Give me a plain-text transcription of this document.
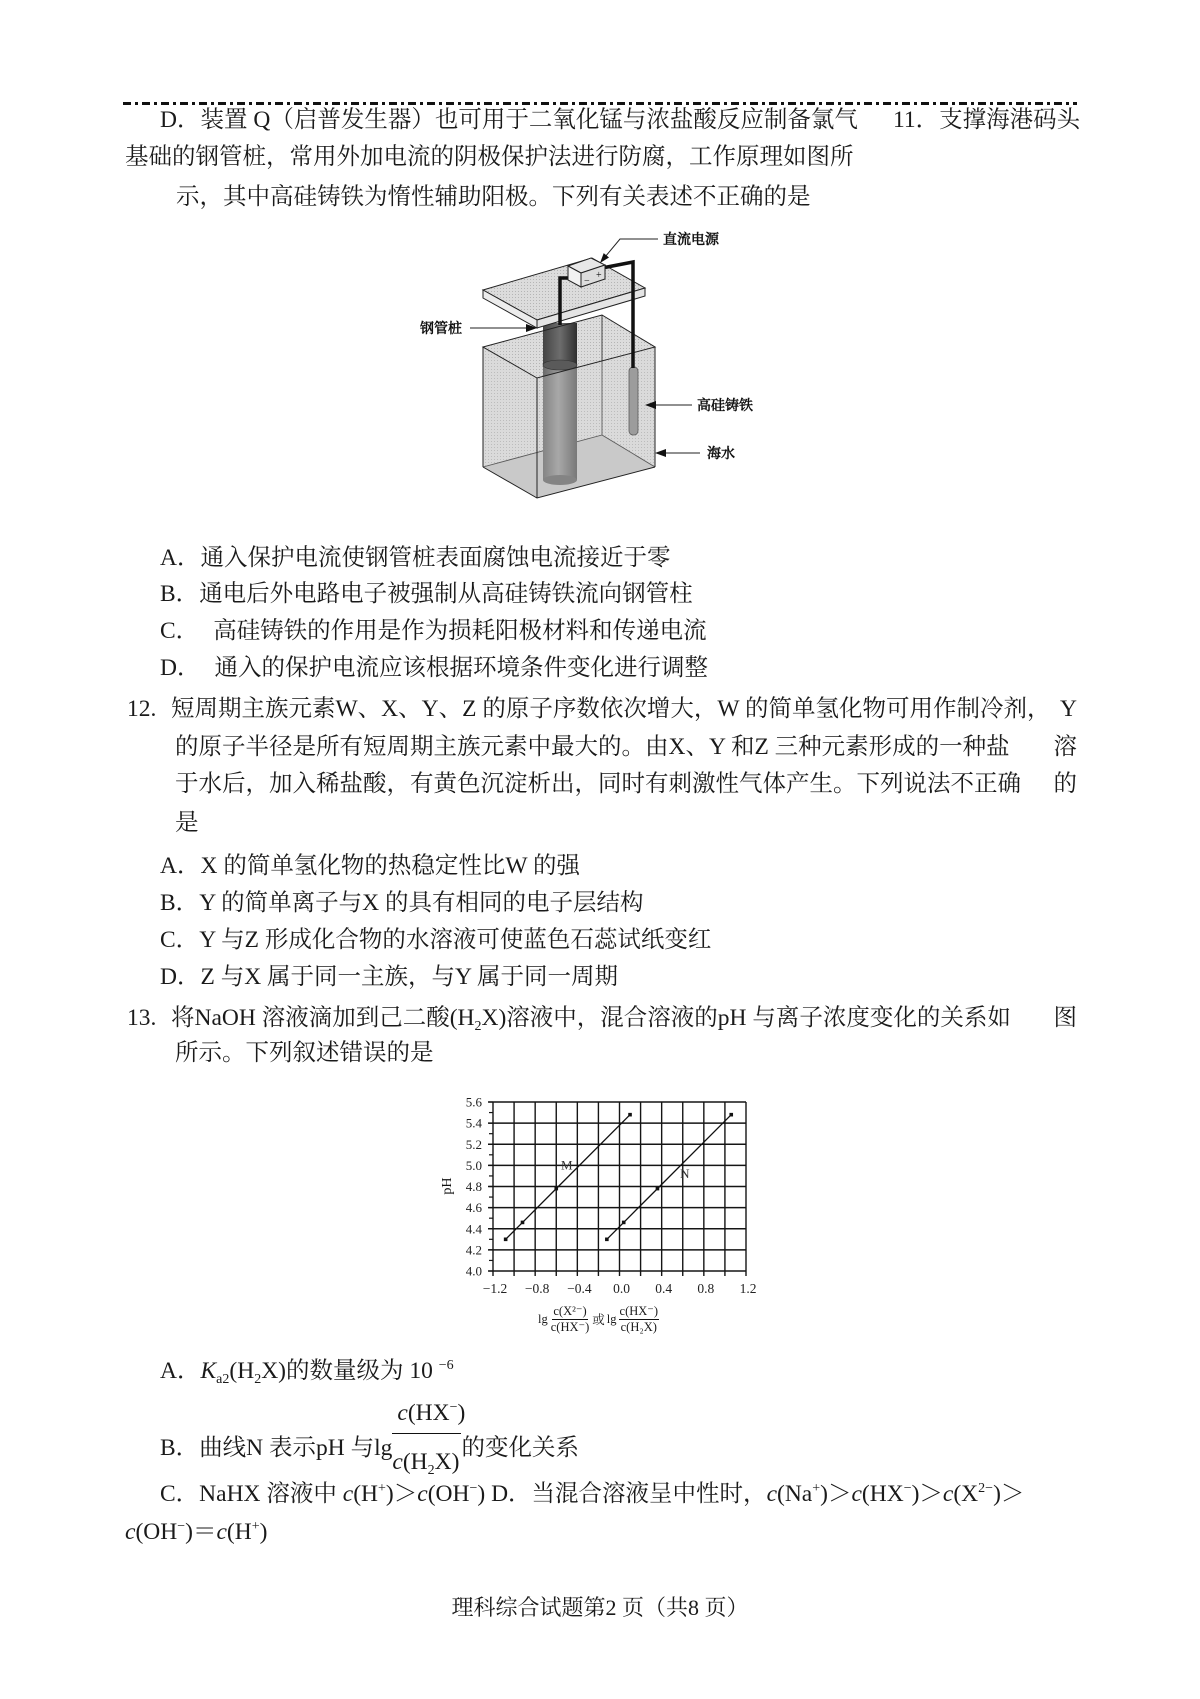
D．装置 Q（启普发生器）也可用于二氧化锰与浓盐酸反应制备氯气 11．支撑海港码头
基础的钢管桩，常用外加电流的阴极保护法进行防腐，工作原理如图所
示，其中高硅铸铁为惰性辅助阳极。下列有关表述不正确的是
−
+
直流电源
钢管桩
高硅铸铁
海水
A．通入保护电流使钢管桩表面腐蚀电流接近于零
B．通电后外电路电子被强制从高硅铸铁流向钢管柱
C． 高硅铸铁的作用是作为损耗阳极材料和传递电流
D． 通入的保护电流应该根据环境条件变化进行调整
12. 短周期主族元素W、X、Y、Z 的原子序数依次增大，W 的简单氢化物可用作制冷剂， Y
的原子半径是所有短周期主族元素中最大的。由X、Y 和Z 三种元素形成的一种盐 溶
于水后，加入稀盐酸，有黄色沉淀析出，同时有刺激性气体产生。下列说法不正确 的
是
A．X 的简单氢化物的热稳定性比W 的强
B．Y 的简单离子与X 的具有相同的电子层结构
C．Y 与Z 形成化合物的水溶液可使蓝色石蕊试纸变红
D．Z 与X 属于同一主族，与Y 属于同一周期
13. 将NaOH 溶液滴加到己二酸$(H_2X)$溶液中，混合溶液的pH 与离子浓度变化的关系如 图
所示。下列叙述错误的是
pH
4.0
4.2
4.4
4.6
4.8
5.0
5.2
5.4
5.6
−1.2 −0.8 −0.4 0.0 0.4 0.8 1.2
M
N
$\lg \frac{\text{c(X²⁻)}}{c(HX^-)}$ 或 $\lg \frac{c(HX^-)}{\text{c(H₂X)}}$
A．$K_{a2}(H_2X)$的数量级为 10 $^{-6}$
B．曲线N 表示pH 与$\lg \frac{c(HX^-)}{c(H_2X)}$的变化关系
C．NaHX 溶液中 c(H+)＞c(OH−) D．当混合溶液呈中性时，$c(Na^+)>c(HX^-)>c(X^{2-})>$
c(OH−)＝c(H+)
理科综合试题第2 页（共8 页）
